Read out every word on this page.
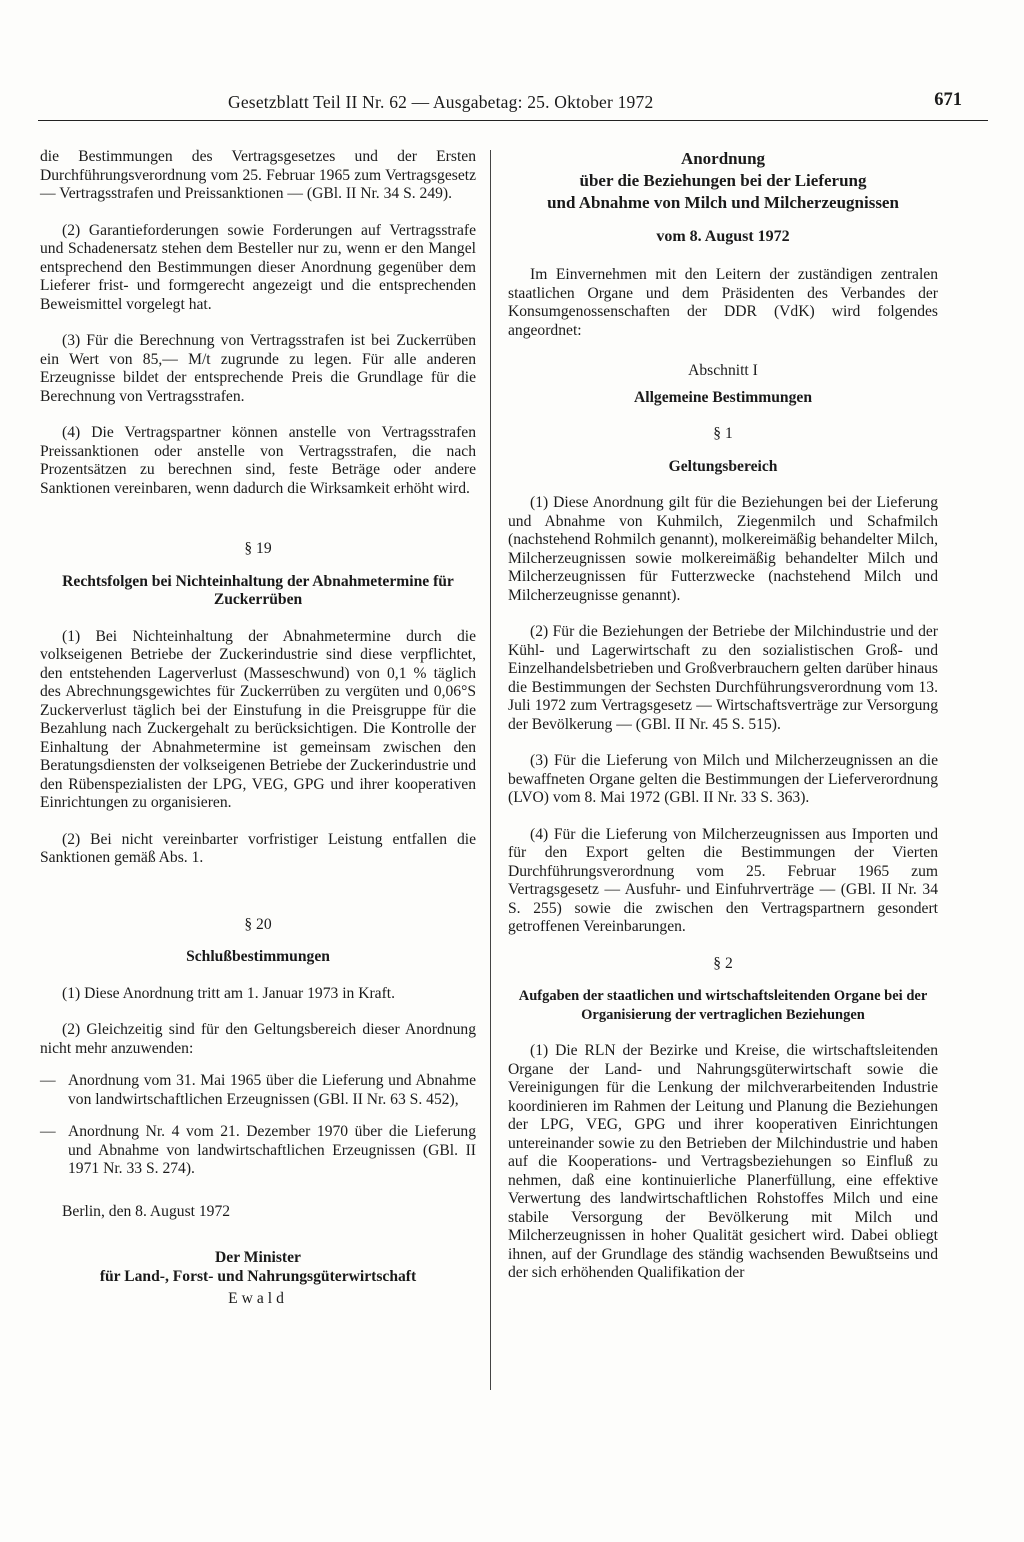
Gesetzblatt Teil II Nr. 62 — Ausgabetag: 25. Oktober 1972	671

die Bestimmungen des Vertragsgesetzes und der Ersten Durchführungsverordnung vom 25. Februar 1965 zum Vertragsgesetz — Vertragsstrafen und Preissanktionen — (GBl. II Nr. 34 S. 249).

(2) Garantieforderungen sowie Forderungen auf Vertragsstrafe und Schadenersatz stehen dem Besteller nur zu, wenn er den Mangel entsprechend den Bestimmungen dieser Anordnung gegenüber dem Lieferer frist- und formgerecht angezeigt und die entsprechenden Beweismittel vorgelegt hat.

(3) Für die Berechnung von Vertragsstrafen ist bei Zuckerrüben ein Wert von 85,— M/t zugrunde zu legen. Für alle anderen Erzeugnisse bildet der entsprechende Preis die Grundlage für die Berechnung von Vertragsstrafen.

(4) Die Vertragspartner können anstelle von Vertragsstrafen Preissanktionen oder anstelle von Vertragsstrafen, die nach Prozentsätzen zu berechnen sind, feste Beträge oder andere Sanktionen vereinbaren, wenn dadurch die Wirksamkeit erhöht wird.

§ 19

Rechtsfolgen bei Nichteinhaltung der Abnahmetermine für Zuckerrüben

(1) Bei Nichteinhaltung der Abnahmetermine durch die volkseigenen Betriebe der Zuckerindustrie sind diese verpflichtet, den entstehenden Lagerverlust (Masseschwund) von 0,1 % täglich des Abrechnungsgewichtes für Zuckerrüben zu vergüten und 0,06°S Zuckerverlust täglich bei der Einstufung in die Preisgruppe für die Bezahlung nach Zuckergehalt zu berücksichtigen. Die Kontrolle der Einhaltung der Abnahmetermine ist gemeinsam zwischen den Beratungsdiensten der volkseigenen Betriebe der Zuckerindustrie und den Rübenspezialisten der LPG, VEG, GPG und ihrer kooperativen Einrichtungen zu organisieren.

(2) Bei nicht vereinbarter vorfristiger Leistung entfallen die Sanktionen gemäß Abs. 1.

§ 20

Schlußbestimmungen

(1) Diese Anordnung tritt am 1. Januar 1973 in Kraft.

(2) Gleichzeitig sind für den Geltungsbereich dieser Anordnung nicht mehr anzuwenden:

— Anordnung vom 31. Mai 1965 über die Lieferung und Abnahme von landwirtschaftlichen Erzeugnissen (GBl. II Nr. 63 S. 452),
— Anordnung Nr. 4 vom 21. Dezember 1970 über die Lieferung und Abnahme von landwirtschaftlichen Erzeugnissen (GBl. II 1971 Nr. 33 S. 274).

Berlin, den 8. August 1972

Der Minister

für Land-, Forst- und Nahrungsgüterwirtschaft

Ewald

Anordnung

über die Beziehungen bei der Lieferung

und Abnahme von Milch und Milcherzeugnissen

vom 8. August 1972

Im Einvernehmen mit den Leitern der zuständigen zentralen staatlichen Organe und dem Präsidenten des Verbandes der Konsumgenossenschaften der DDR (VdK) wird folgendes angeordnet:

Abschnitt I

Allgemeine Bestimmungen

§ 1

Geltungsbereich

(1) Diese Anordnung gilt für die Beziehungen bei der Lieferung und Abnahme von Kuhmilch, Ziegenmilch und Schafmilch (nachstehend Rohmilch genannt), molkereimäßig behandelter Milch, Milcherzeugnissen sowie molkereimäßig behandelter Milch und Milcherzeugnissen für Futterzwecke (nachstehend Milch und Milcherzeugnisse genannt).

(2) Für die Beziehungen der Betriebe der Milchindustrie und der Kühl- und Lagerwirtschaft zu den sozialistischen Groß- und Einzelhandelsbetrieben und Großverbrauchern gelten darüber hinaus die Bestimmungen der Sechsten Durchführungsverordnung vom 13. Juli 1972 zum Vertragsgesetz — Wirtschaftsverträge zur Versorgung der Bevölkerung — (GBl. II Nr. 45 S. 515).

(3) Für die Lieferung von Milch und Milcherzeugnissen an die bewaffneten Organe gelten die Bestimmungen der Lieferverordnung (LVO) vom 8. Mai 1972 (GBl. II Nr. 33 S. 363).

(4) Für die Lieferung von Milcherzeugnissen aus Importen und für den Export gelten die Bestimmungen der Vierten Durchführungsverordnung vom 25. Februar 1965 zum Vertragsgesetz — Ausfuhr- und Einfuhrverträge — (GBl. II Nr. 34 S. 255) sowie die zwischen den Vertragspartnern gesondert getroffenen Vereinbarungen.

§ 2

Aufgaben der staatlichen und wirtschaftsleitenden Organe bei der Organisierung der vertraglichen Beziehungen

(1) Die RLN der Bezirke und Kreise, die wirtschaftsleitenden Organe der Land- und Nahrungsgüterwirtschaft sowie die Vereinigungen für die Lenkung der milchverarbeitenden Industrie koordinieren im Rahmen der Leitung und Planung die Beziehungen der LPG, VEG, GPG und ihrer kooperativen Einrichtungen untereinander sowie zu den Betrieben der Milchindustrie und haben auf die Kooperations- und Vertragsbeziehungen so Einfluß zu nehmen, daß eine kontinuierliche Planerfüllung, eine effektive Verwertung des landwirtschaftlichen Rohstoffes Milch und eine stabile Versorgung der Bevölkerung mit Milch und Milcherzeugnissen in hoher Qualität gesichert wird. Dabei obliegt ihnen, auf der Grundlage des ständig wachsenden Bewußtseins und der sich erhöhenden Qualifikation der
